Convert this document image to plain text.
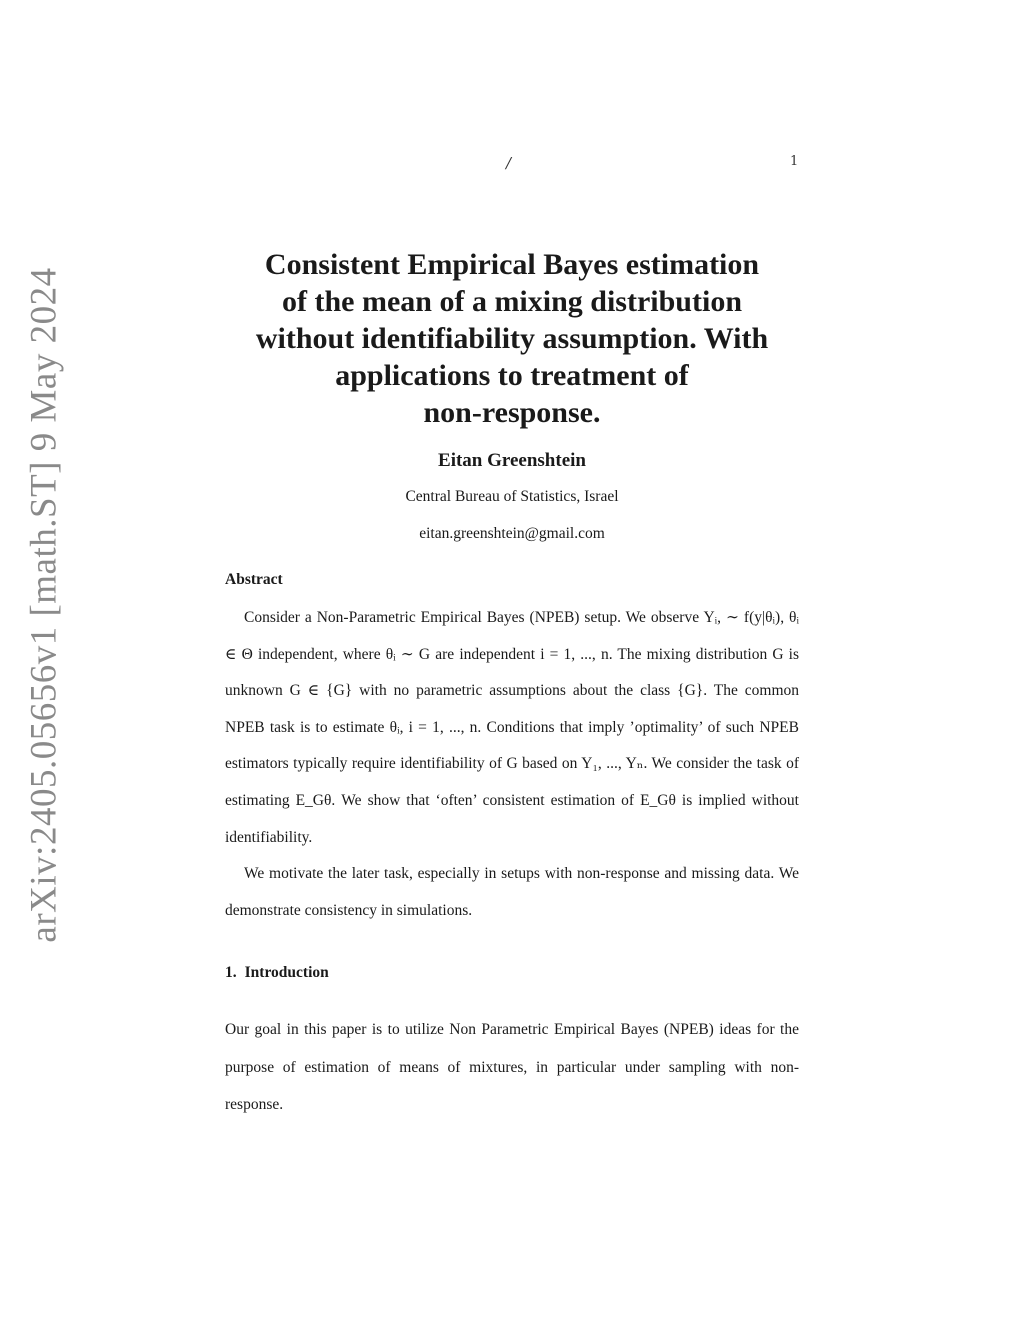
arXiv:2405.05656v1 [math.ST] 9 May 2024
/	1
Consistent Empirical Bayes estimation
of the mean of a mixing distribution
without identifiability assumption. With
applications to treatment of
non-response.
Eitan Greenshtein
Central Bureau of Statistics, Israel
eitan.greenshtein@gmail.com
Abstract

Consider a Non-Parametric Empirical Bayes (NPEB) setup. We observe Yᵢ, ∼ f(y|θᵢ), θᵢ ∈ Θ independent, where θᵢ ∼ G are independent i = 1, ..., n. The mixing distribution G is unknown G ∈ {G} with no parametric assumptions about the class {G}. The common NPEB task is to estimate θᵢ, i = 1, ..., n. Conditions that imply ’optimality’ of such NPEB estimators typically require identifiability of G based on Y₁, ..., Yₙ. We consider the task of estimating E_Gθ. We show that ‘often’ consistent estimation of E_Gθ is implied without identifiability.

We motivate the later task, especially in setups with non-response and missing data. We demonstrate consistency in simulations.

1. Introduction

Our goal in this paper is to utilize Non Parametric Empirical Bayes (NPEB) ideas for the purpose of estimation of means of mixtures, in particular under sampling with non-response.
